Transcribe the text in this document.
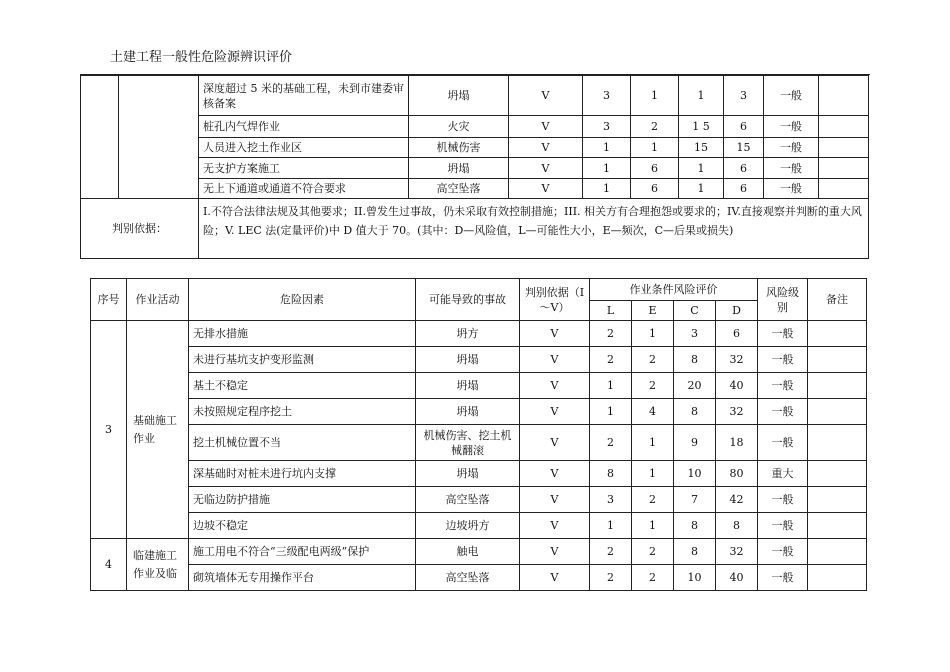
土建工程一般性危险源辨识评价
		深度超过 5 米的基础工程，未到市建委审核备案	坍塌	V	3	1	1	3	一般	
		桩孔内气焊作业	火灾	V	3	2	1 5	6	一般	
		人员进入挖土作业区	机械伤害	V	1	1	15	15	一般	
		无支护方案施工	坍塌	V	1	6	1	6	一般	
		无上下通道或通道不符合要求	高空坠落	V	1	6	1	6	一般	
判别依据：		I.不符合法律法规及其他要求；II.曾发生过事故，仍未采取有效控制措施；III. 相关方有合理抱怨或要求的；IV.直接观察并判断的重大风险；V. LEC 法(定量评价)中 D 值大于 70。(其中：D—风险值，L—可能性大小，E—频次，C—后果或损失)								
序号	作业活动	危险因素	可能导致的事故	判别依据（I～V）	作业条件风险评价				风险级别	备注
					L	E	C	D		
3	基础施工作业	无排水措施	坍方	V	2	1	3	6	一般	
		未进行基坑支护变形监测	坍塌	V	2	2	8	32	一般	
		基土不稳定	坍塌	V	1	2	20	40	一般	
		未按照规定程序挖土	坍塌	V	1	4	8	32	一般	
		挖土机械位置不当	机械伤害、挖土机械翻滚	V	2	1	9	18	一般	
		深基础时对桩未进行坑内支撑	坍塌	V	8	1	10	80	重大	
		无临边防护措施	高空坠落	V	3	2	7	42	一般	
		边坡不稳定	边坡坍方	V	1	1	8	8	一般	
4	临建施工作业及临	施工用电不符合“三级配电两级”保护	触电	V	2	2	8	32	一般	
		砌筑墙体无专用操作平台	高空坠落	V	2	2	10	40	一般	
